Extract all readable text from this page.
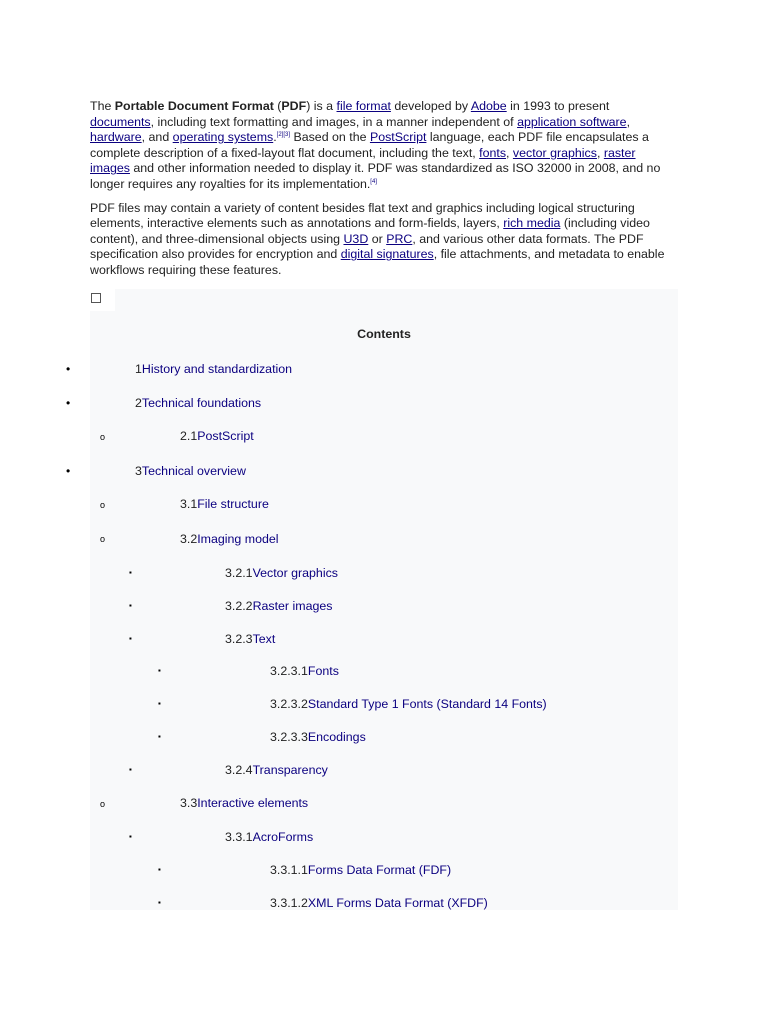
The Portable Document Format (PDF) is a file format developed by Adobe in 1993 to present documents, including text formatting and images, in a manner independent of application software, hardware, and operating systems.[2][3] Based on the PostScript language, each PDF file encapsulates a complete description of a fixed-layout flat document, including the text, fonts, vector graphics, raster images and other information needed to display it. PDF was standardized as ISO 32000 in 2008, and no longer requires any royalties for its implementation.[4]

PDF files may contain a variety of content besides flat text and graphics including logical structuring elements, interactive elements such as annotations and form-fields, layers, rich media (including video content), and three-dimensional objects using U3D or PRC, and various other data formats. The PDF specification also provides for encryption and digital signatures, file attachments, and metadata to enable workflows requiring these features.

Contents
•
1History and standardization
•
2Technical foundations
o
2.1PostScript
•
3Technical overview
o
3.1File structure
o
3.2Imaging model
▪
3.2.1Vector graphics
▪
3.2.2Raster images
▪
3.2.3Text
▪
3.2.3.1Fonts
▪
3.2.3.2Standard Type 1 Fonts (Standard 14 Fonts)
▪
3.2.3.3Encodings
▪
3.2.4Transparency
o
3.3Interactive elements
▪
3.3.1AcroForms
▪
3.3.1.1Forms Data Format (FDF)
▪
3.3.1.2XML Forms Data Format (XFDF)
